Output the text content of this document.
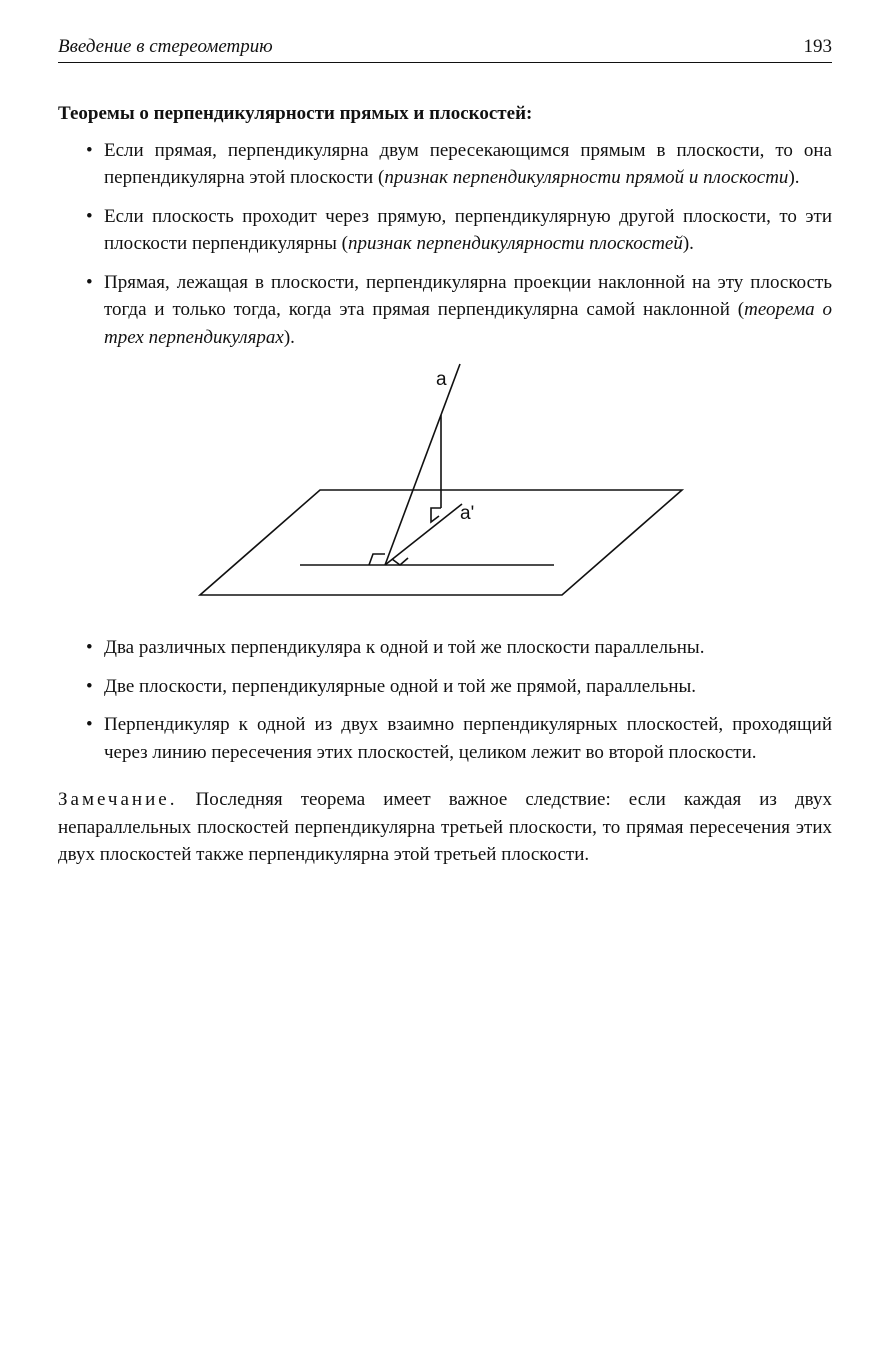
Введение в стереометрию	193
Теоремы о перпендикулярности прямых и плоскостей:
• Если прямая, перпендикулярна двум пересекающимся прямым в плоскости, то она перпендикулярна этой плоскости (признак перпендикулярности прямой и плоскости).
• Если плоскость проходит через прямую, перпендикулярную другой плоскости, то эти плоскости перпендикулярны (признак перпендикулярности плоскостей).
• Прямая, лежащая в плоскости, перпендикулярна проекции наклонной на эту плоскость тогда и только тогда, когда эта прямая перпендикулярна самой наклонной (теорема о трех перпендикулярах).
a
a'
• Два различных перпендикуляра к одной и той же плоскости параллельны.
• Две плоскости, перпендикулярные одной и той же прямой, параллельны.
• Перпендикуляр к одной из двух взаимно перпендикулярных плоскостей, проходящий через линию пересечения этих плоскостей, целиком лежит во второй плоскости.

Замечание. Последняя теорема имеет важное следствие: если каждая из двух непараллельных плоскостей перпендикулярна третьей плоскости, то прямая пересечения этих двух плоскостей также перпендикулярна этой третьей плоскости.
